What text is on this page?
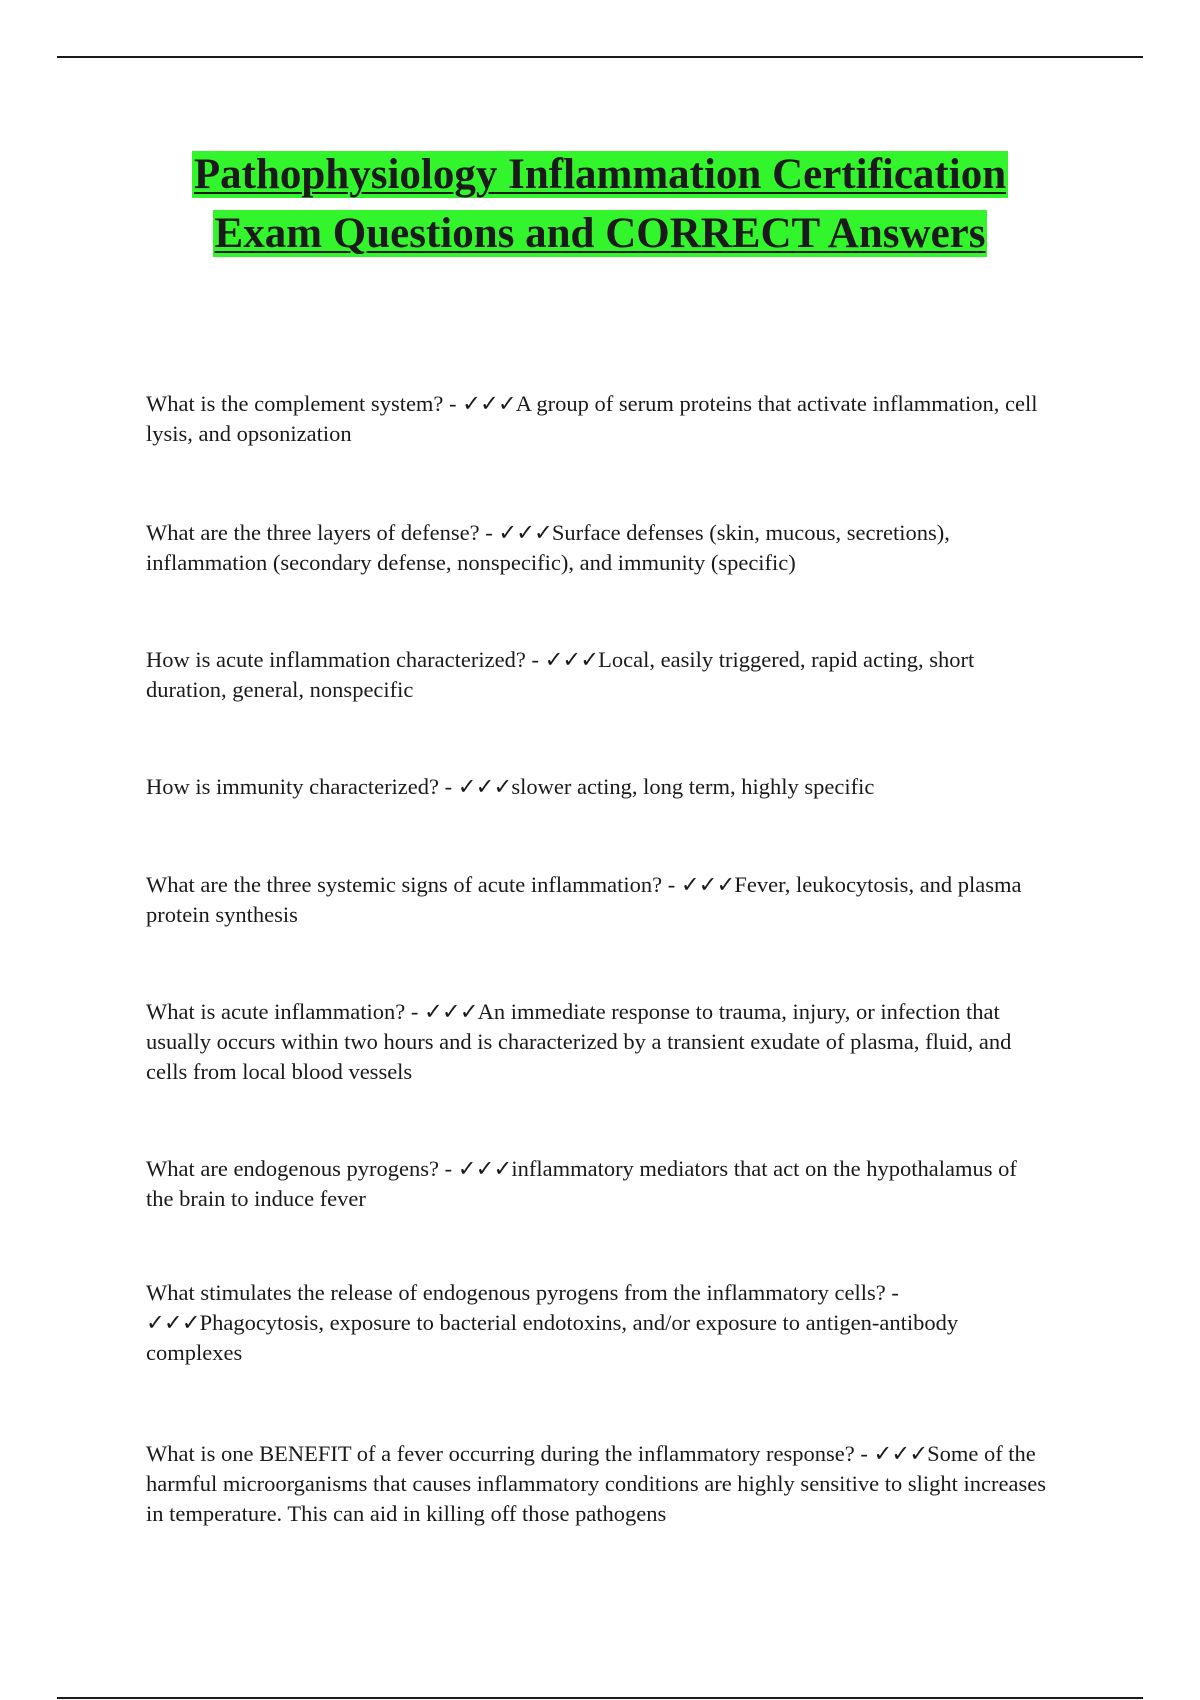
Pathophysiology Inflammation Certification Exam Questions and CORRECT Answers

What is the complement system? - ✓✓✓A group of serum proteins that activate inflammation, cell lysis, and opsonization

What are the three layers of defense? - ✓✓✓Surface defenses (skin, mucous, secretions), inflammation (secondary defense, nonspecific), and immunity (specific)

How is acute inflammation characterized? - ✓✓✓Local, easily triggered, rapid acting, short duration, general, nonspecific

How is immunity characterized? - ✓✓✓slower acting, long term, highly specific

What are the three systemic signs of acute inflammation? - ✓✓✓Fever, leukocytosis, and plasma protein synthesis

What is acute inflammation? - ✓✓✓An immediate response to trauma, injury, or infection that usually occurs within two hours and is characterized by a transient exudate of plasma, fluid, and cells from local blood vessels

What are endogenous pyrogens? - ✓✓✓inflammatory mediators that act on the hypothalamus of the brain to induce fever

What stimulates the release of endogenous pyrogens from the inflammatory cells? - ✓✓✓Phagocytosis, exposure to bacterial endotoxins, and/or exposure to antigen-antibody complexes

What is one BENEFIT of a fever occurring during the inflammatory response? - ✓✓✓Some of the harmful microorganisms that causes inflammatory conditions are highly sensitive to slight increases in temperature. This can aid in killing off those pathogens
